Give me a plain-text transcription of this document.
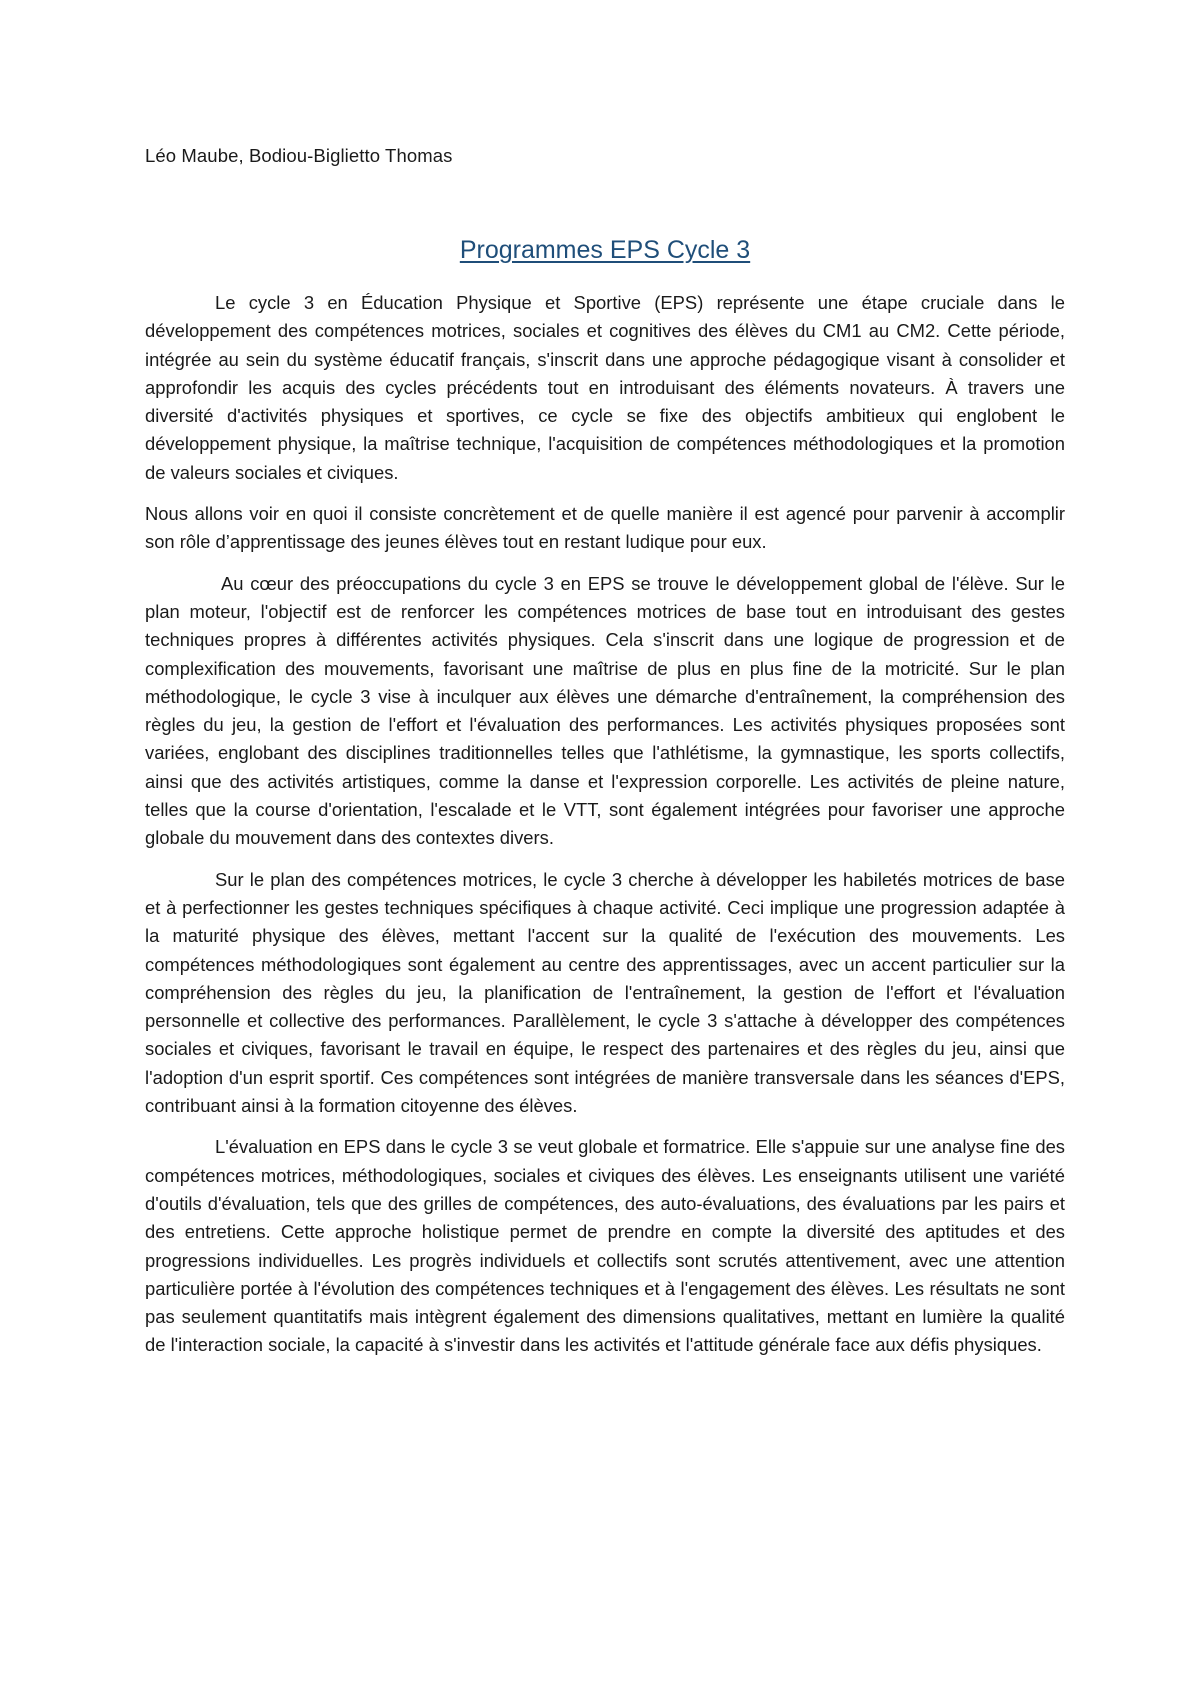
Léo Maube, Bodiou-Biglietto Thomas

Programmes EPS Cycle 3

Le cycle 3 en Éducation Physique et Sportive (EPS) représente une étape cruciale dans le développement des compétences motrices, sociales et cognitives des élèves du CM1 au CM2. Cette période, intégrée au sein du système éducatif français, s'inscrit dans une approche pédagogique visant à consolider et approfondir les acquis des cycles précédents tout en introduisant des éléments novateurs. À travers une diversité d'activités physiques et sportives, ce cycle se fixe des objectifs ambitieux qui englobent le développement physique, la maîtrise technique, l'acquisition de compétences méthodologiques et la promotion de valeurs sociales et civiques.

Nous allons voir en quoi il consiste concrètement et de quelle manière il est agencé pour parvenir à accomplir son rôle d’apprentissage des jeunes élèves tout en restant ludique pour eux.

Au cœur des préoccupations du cycle 3 en EPS se trouve le développement global de l'élève. Sur le plan moteur, l'objectif est de renforcer les compétences motrices de base tout en introduisant des gestes techniques propres à différentes activités physiques. Cela s'inscrit dans une logique de progression et de complexification des mouvements, favorisant une maîtrise de plus en plus fine de la motricité. Sur le plan méthodologique, le cycle 3 vise à inculquer aux élèves une démarche d'entraînement, la compréhension des règles du jeu, la gestion de l'effort et l'évaluation des performances. Les activités physiques proposées sont variées, englobant des disciplines traditionnelles telles que l'athlétisme, la gymnastique, les sports collectifs, ainsi que des activités artistiques, comme la danse et l'expression corporelle. Les activités de pleine nature, telles que la course d'orientation, l'escalade et le VTT, sont également intégrées pour favoriser une approche globale du mouvement dans des contextes divers.

Sur le plan des compétences motrices, le cycle 3 cherche à développer les habiletés motrices de base et à perfectionner les gestes techniques spécifiques à chaque activité. Ceci implique une progression adaptée à la maturité physique des élèves, mettant l'accent sur la qualité de l'exécution des mouvements. Les compétences méthodologiques sont également au centre des apprentissages, avec un accent particulier sur la compréhension des règles du jeu, la planification de l'entraînement, la gestion de l'effort et l'évaluation personnelle et collective des performances. Parallèlement, le cycle 3 s'attache à développer des compétences sociales et civiques, favorisant le travail en équipe, le respect des partenaires et des règles du jeu, ainsi que l'adoption d'un esprit sportif. Ces compétences sont intégrées de manière transversale dans les séances d'EPS, contribuant ainsi à la formation citoyenne des élèves.

L'évaluation en EPS dans le cycle 3 se veut globale et formatrice. Elle s'appuie sur une analyse fine des compétences motrices, méthodologiques, sociales et civiques des élèves. Les enseignants utilisent une variété d'outils d'évaluation, tels que des grilles de compétences, des auto-évaluations, des évaluations par les pairs et des entretiens. Cette approche holistique permet de prendre en compte la diversité des aptitudes et des progressions individuelles. Les progrès individuels et collectifs sont scrutés attentivement, avec une attention particulière portée à l'évolution des compétences techniques et à l'engagement des élèves. Les résultats ne sont pas seulement quantitatifs mais intègrent également des dimensions qualitatives, mettant en lumière la qualité de l'interaction sociale, la capacité à s'investir dans les activités et l'attitude générale face aux défis physiques.
